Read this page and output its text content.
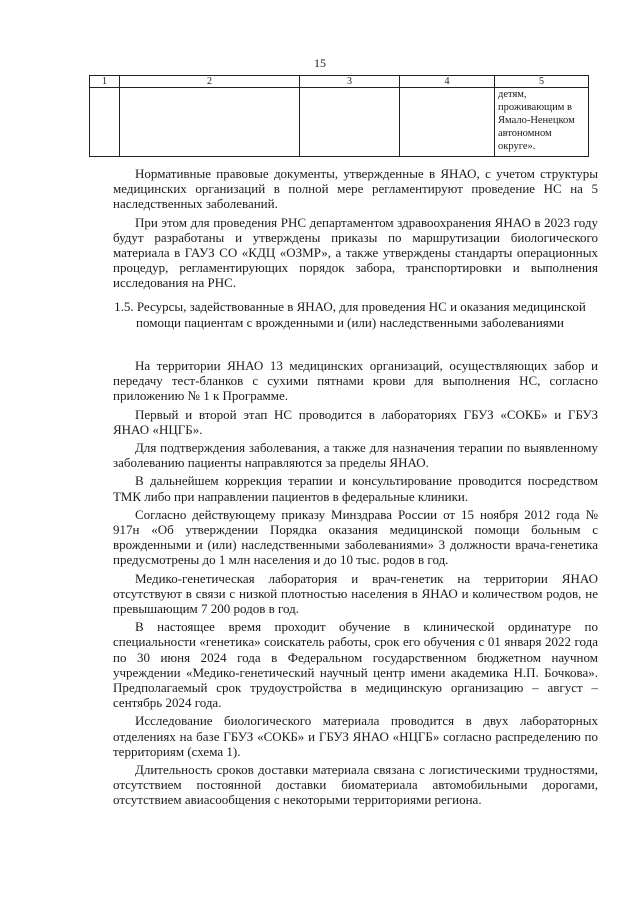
15
1	2	3	4	5
				детям, проживающим в Ямало-Ненецком автономном округе».

Нормативные правовые документы, утвержденные в ЯНАО, с учетом структуры медицинских организаций в полной мере регламентируют проведение НС на 5 наследственных заболеваний.

При этом для проведения РНС департаментом здравоохранения ЯНАО в 2023 году будут разработаны и утверждены приказы по маршрутизации биологического материала в ГАУЗ СО «КДЦ «ОЗМР», а также утверждены стандарты операционных процедур, регламентирующих порядок забора, транспортировки и выполнения исследования на РНС.

1.5. Ресурсы, задействованные в ЯНАО, для проведения НС и оказания медицинской помощи пациентам с врожденными и (или) наследственными заболеваниями

На территории ЯНАО 13 медицинских организаций, осуществляющих забор и передачу тест-бланков с сухими пятнами крови для выполнения НС, согласно приложению № 1 к Программе.

Первый и второй этап НС проводится в лабораториях ГБУЗ «СОКБ» и ГБУЗ ЯНАО «НЦГБ».

Для подтверждения заболевания, а также для назначения терапии по выявленному заболеванию пациенты направляются за пределы ЯНАО.

В дальнейшем коррекция терапии и консультирование проводится посредством ТМК либо при направлении пациентов в федеральные клиники.

Согласно действующему приказу Минздрава России от 15 ноября 2012 года № 917н «Об утверждении Порядка оказания медицинской помощи больным с врожденными и (или) наследственными заболеваниями» 3 должности врача-генетика предусмотрены до 1 млн населения и до 10 тыс. родов в год.

Медико-генетическая лаборатория и врач-генетик на территории ЯНАО отсутствуют в связи с низкой плотностью населения в ЯНАО и количеством родов, не превышающим 7 200 родов в год.

В настоящее время проходит обучение в клинической ординатуре по специальности «генетика» соискатель работы, срок его обучения с 01 января 2022 года по 30 июня 2024 года в Федеральном государственном бюджетном научном учреждении «Медико-генетический научный центр имени академика Н.П. Бочкова». Предполагаемый срок трудоустройства в медицинскую организацию – август – сентябрь 2024 года.

Исследование биологического материала проводится в двух лабораторных отделениях на базе ГБУЗ «СОКБ» и ГБУЗ ЯНАО «НЦГБ» согласно распределению по территориям (схема 1).

Длительность сроков доставки материала связана с логистическими трудностями, отсутствием постоянной доставки биоматериала автомобильными дорогами, отсутствием авиасообщения с некоторыми территориями региона.
